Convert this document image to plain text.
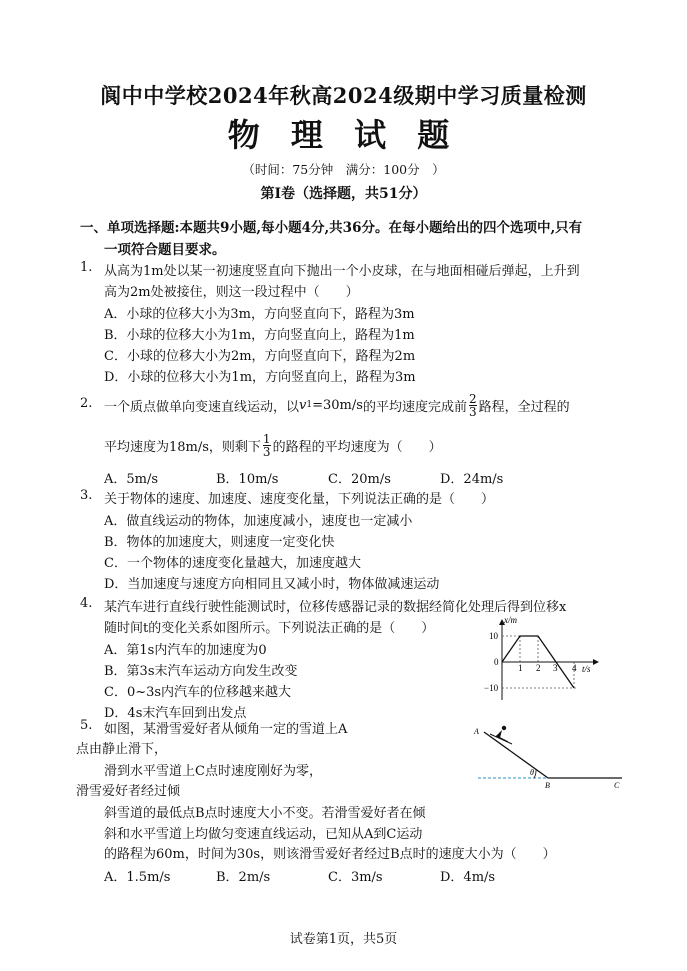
阆中中学校2024年秋高2024级期中学习质量检测
物 理 试 题
（时间：75分钟　满分：100分　）
第Ⅰ卷（选择题，共51分）
一、单项选择题:本题共9小题,每小题4分,共36分。在每小题给出的四个选项中,只有
一项符合题目要求。
1. 从高为1m处以某一初速度竖直向下抛出一个小皮球，在与地面相碰后弹起，上升到
高为2m处被接住，则这一段过程中（　　）
A．小球的位移大小为3m，方向竖直向下，路程为3m
B．小球的位移大小为1m，方向竖直向上，路程为1m
C．小球的位移大小为2m，方向竖直向下，路程为2m
D．小球的位移大小为1m，方向竖直向上，路程为3m
2. 一个质点做单向变速直线运动，以 v 1 =30m/s 的平均速度完成前 $\frac{2}{3}$ 路程，全过程的
平均速度为18m/s，则剩下 $\frac{1}{3}$ 的路程的平均速度为（　　）
A．5m/s	B．10m/s	C．20m/s	D．24m/s
3. 关于物体的速度、加速度、速度变化量，下列说法正确的是（　　）
A．做直线运动的物体，加速度减小，速度也一定减小
B．物体的加速度大，则速度一定变化快
C．一个物体的速度变化量越大，加速度越大
D．当加速度与速度方向相同且又减小时，物体做减速运动
4. 某汽车进行直线行驶性能测试时，位移传感器记录的数据经简化处理后得到位移x
随时间t的变化关系如图所示。下列说法正确的是（　　）
A．第1s内汽车的加速度为0
B．第3s末汽车运动方向发生改变
C．0~3s内汽车的位移越来越大
D．4s末汽车回到出发点
x/m
t/s
10
0
−10
1 2 3 4
5. 如图，某滑雪爱好者从倾角一定的雪道上A
点由静止滑下，
滑到水平雪道上C点时速度刚好为零，
滑雪爱好者经过倾
斜雪道的最低点B点时速度大小不变。若滑雪爱好者在倾
斜和水平雪道上均做匀变速直线运动，已知从A到C运动
的路程为60m，时间为30s，则该滑雪爱好者经过B点时的速度大小为（　　）
A．1.5m/s	B．2m/s	C．3m/s	D．4m/s
A
θ
B	C
试卷第1页，共5页
